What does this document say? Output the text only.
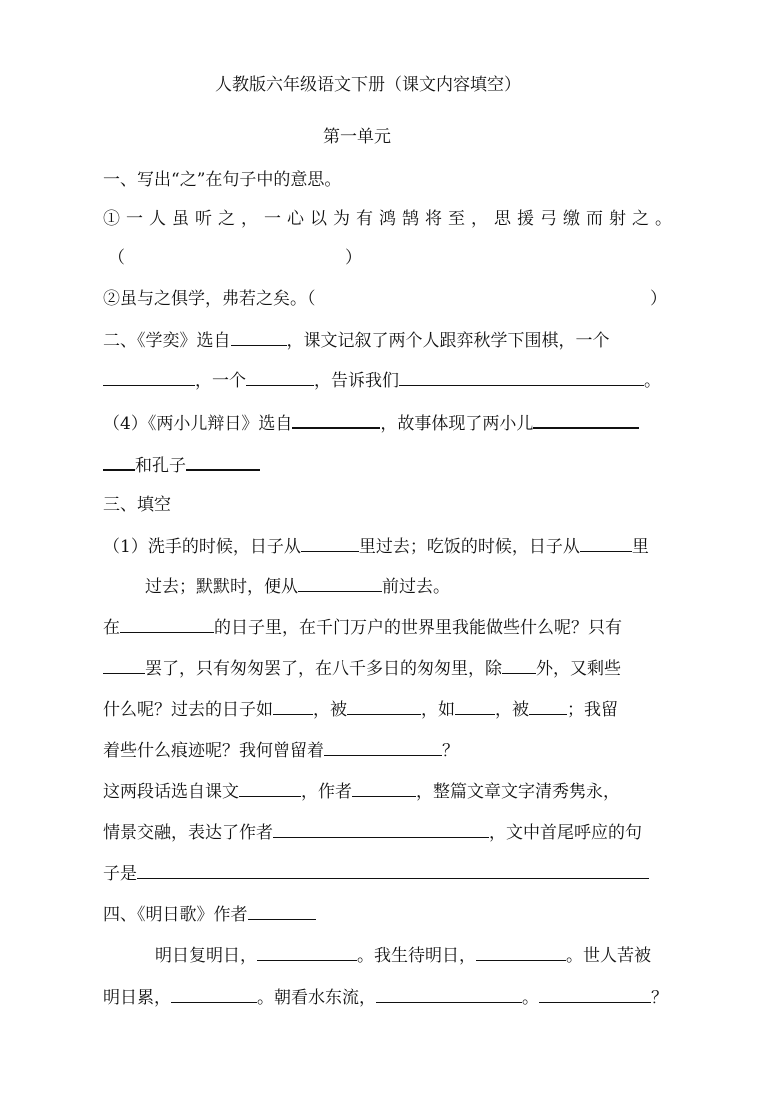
人教版六年级语文下册（课文内容填空）
第一单元
一、写出“之”在句子中的意思。
①一人虽听之，一心以为有鸿鹄将至，思援弓缴而射之。
（	）
②虽与之俱学，弗若之矣。（	）
二、《学奕》选自	，课文记叙了两个人跟弈秋学下围棋，一个
，一个	，告诉我们	。
（4）《两小儿辩日》选自	，故事体现了两小儿
和孔子
三、填空
（1）洗手的时候，日子从	里过去；吃饭的时候，日子从	里
过去；默默时，便从	前过去。
在	的日子里，在千门万户的世界里我能做些什么呢？只有
罢了，只有匆匆罢了，在八千多日的匆匆里，除 外，又剩些
什么呢？过去的日子如 ，被	，如 ，被 ；我留
着些什么痕迹呢？我何曾留着	？
这两段话选自课文	，作者	，整篇文章文字清秀隽永，
情景交融，表达了作者	，文中首尾呼应的句
子是
四、《明日歌》作者
明日复明日，	。我生待明日，	。世人苦被
明日累，	。朝看水东流，	。	？
